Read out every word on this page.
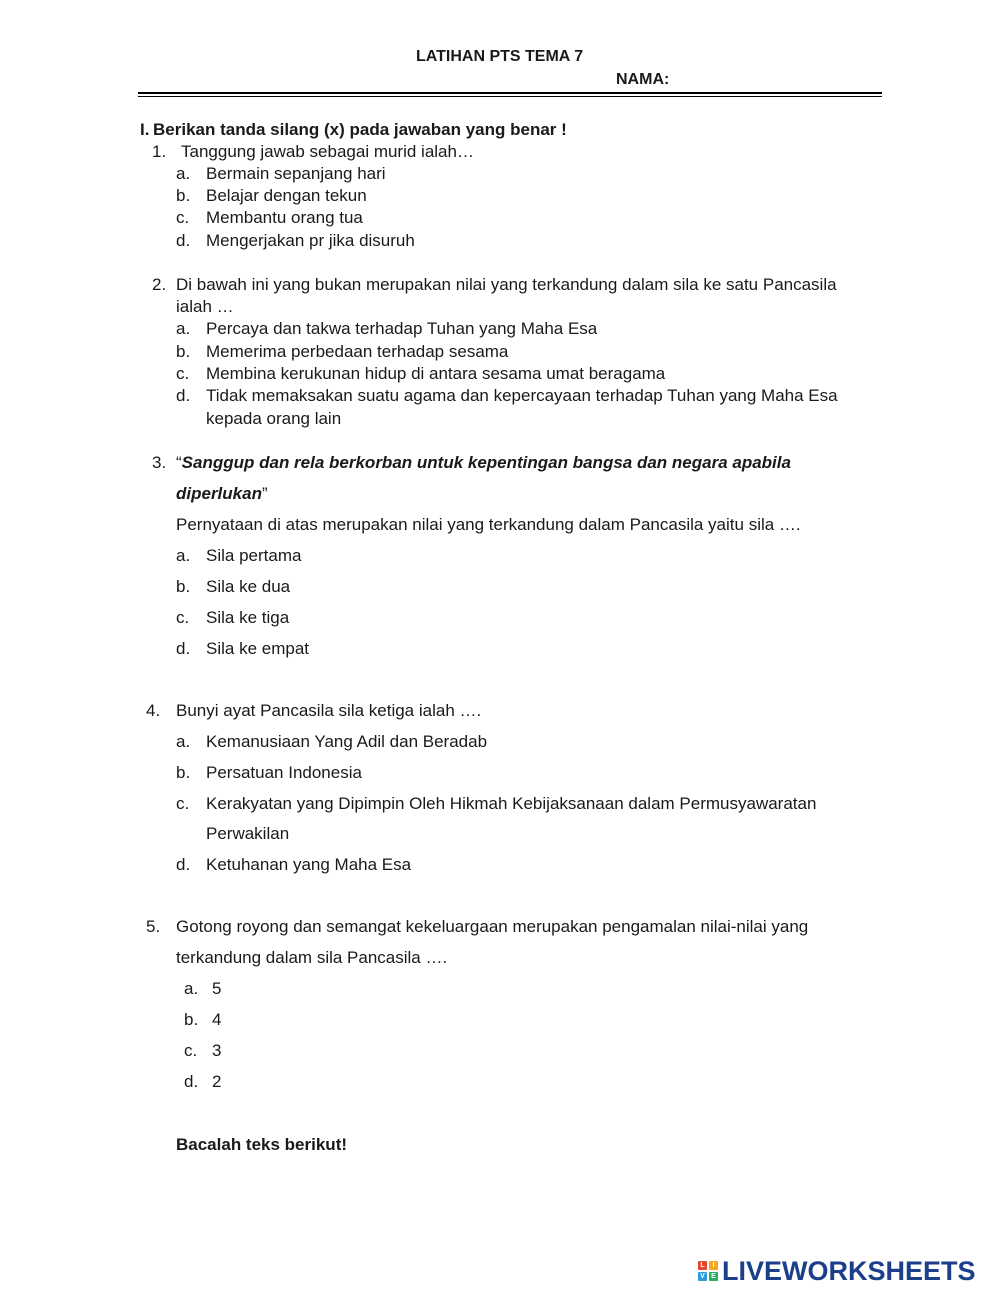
LATIHAN PTS TEMA 7
NAMA:
I. Berikan tanda silang (x) pada jawaban yang benar !
1. Tanggung jawab sebagai murid ialah…
a. Bermain sepanjang hari
b. Belajar dengan tekun
c. Membantu orang tua
d. Mengerjakan pr jika disuruh
2. Di bawah ini yang bukan merupakan nilai yang terkandung dalam sila ke satu Pancasila
ialah …
a. Percaya dan takwa terhadap Tuhan yang Maha Esa
b. Memerima perbedaan terhadap sesama
c. Membina kerukunan hidup di antara sesama umat beragama
d. Tidak memaksakan suatu agama dan kepercayaan terhadap Tuhan yang Maha Esa
kepada orang lain
3. “Sanggup dan rela berkorban untuk kepentingan bangsa dan negara apabila
diperlukan”
Pernyataan di atas merupakan nilai yang terkandung dalam Pancasila yaitu sila ….
a. Sila pertama
b. Sila ke dua
c. Sila ke tiga
d. Sila ke empat
4. Bunyi ayat Pancasila sila ketiga ialah ….
a. Kemanusiaan Yang Adil dan Beradab
b. Persatuan Indonesia
c. Kerakyatan yang Dipimpin Oleh Hikmah Kebijaksanaan dalam Permusyawaratan
Perwakilan
d. Ketuhanan yang Maha Esa
5. Gotong royong dan semangat kekeluargaan merupakan pengamalan nilai-nilai yang
terkandung dalam sila Pancasila ….
a. 5
b. 4
c. 3
d. 2
Bacalah teks berikut!
L	I
V E LIVEWORKSHEETS
